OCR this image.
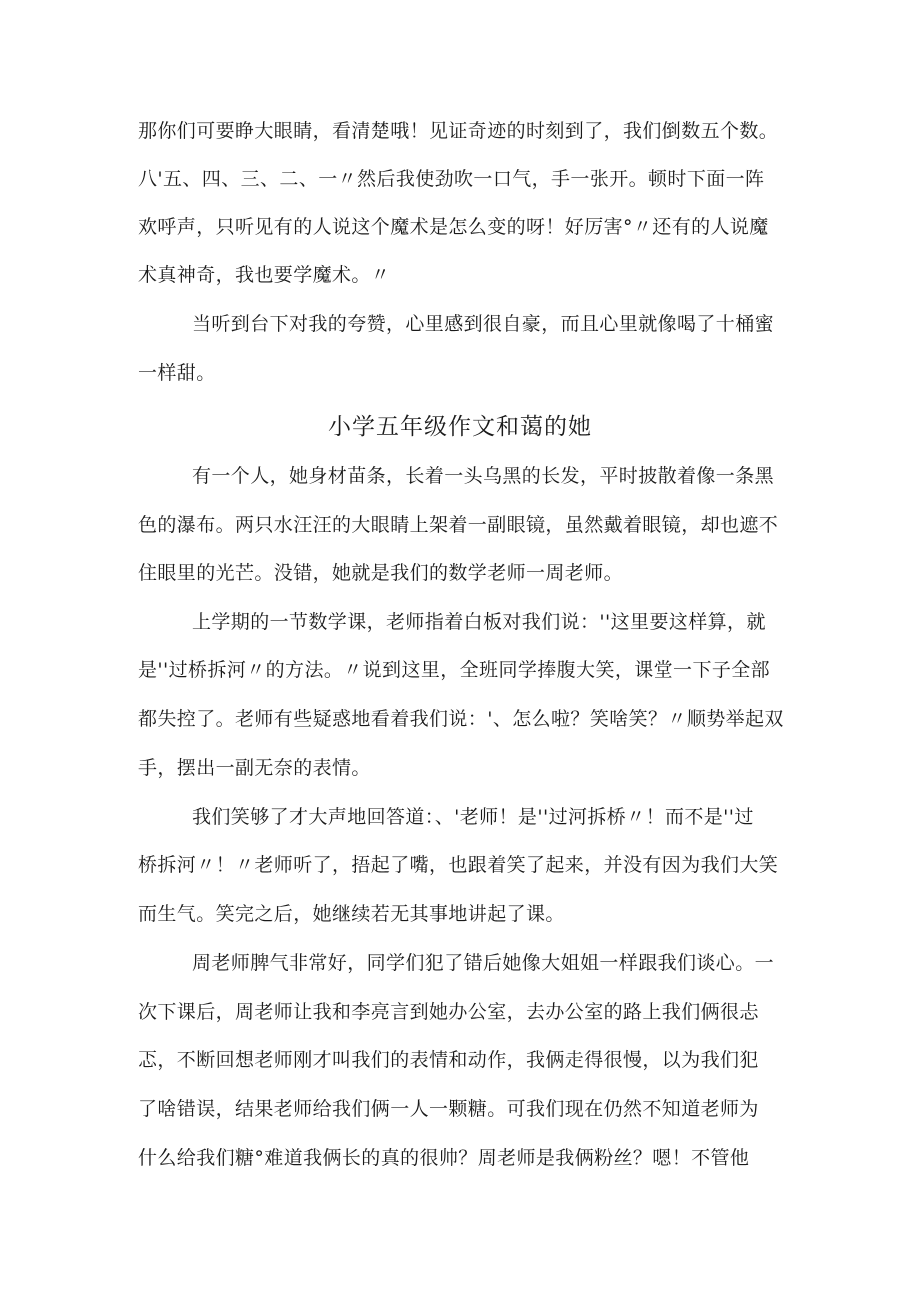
那你们可要睁大眼睛，看清楚哦！见证奇迹的时刻到了，我们倒数五个数。
八'五、四、三、二、一〃然后我使劲吹一口气，手一张开。顿时下面一阵
欢呼声，只听见有的人说这个魔术是怎么变的呀！好厉害°〃还有的人说魔
术真神奇，我也要学魔术。〃
当听到台下对我的夸赞，心里感到很自豪，而且心里就像喝了十桶蜜
一样甜。
小学五年级作文和蔼的她
有一个人，她身材苗条，长着一头乌黑的长发，平时披散着像一条黑
色的瀑布。两只水汪汪的大眼睛上架着一副眼镜，虽然戴着眼镜，却也遮不
住眼里的光芒。没错，她就是我们的数学老师一周老师。
上学期的一节数学课，老师指着白板对我们说：''这里要这样算，就
是''过桥拆河〃的方法。〃说到这里，全班同学捧腹大笑，课堂一下子全部
都失控了。老师有些疑惑地看着我们说：'、怎么啦？笑啥笑？〃顺势举起双
手，摆出一副无奈的表情。
我们笑够了才大声地回答道：、'老师！是''过河拆桥〃！而不是''过
桥拆河〃！〃老师听了，捂起了嘴，也跟着笑了起来，并没有因为我们大笑
而生气。笑完之后，她继续若无其事地讲起了课。
周老师脾气非常好，同学们犯了错后她像大姐姐一样跟我们谈心。一
次下课后，周老师让我和李亮言到她办公室，去办公室的路上我们俩很忐
忑，不断回想老师刚才叫我们的表情和动作，我俩走得很慢，以为我们犯
了啥错误，结果老师给我们俩一人一颗糖。可我们现在仍然不知道老师为
什么给我们糖°难道我俩长的真的很帅？周老师是我俩粉丝？嗯！不管他
